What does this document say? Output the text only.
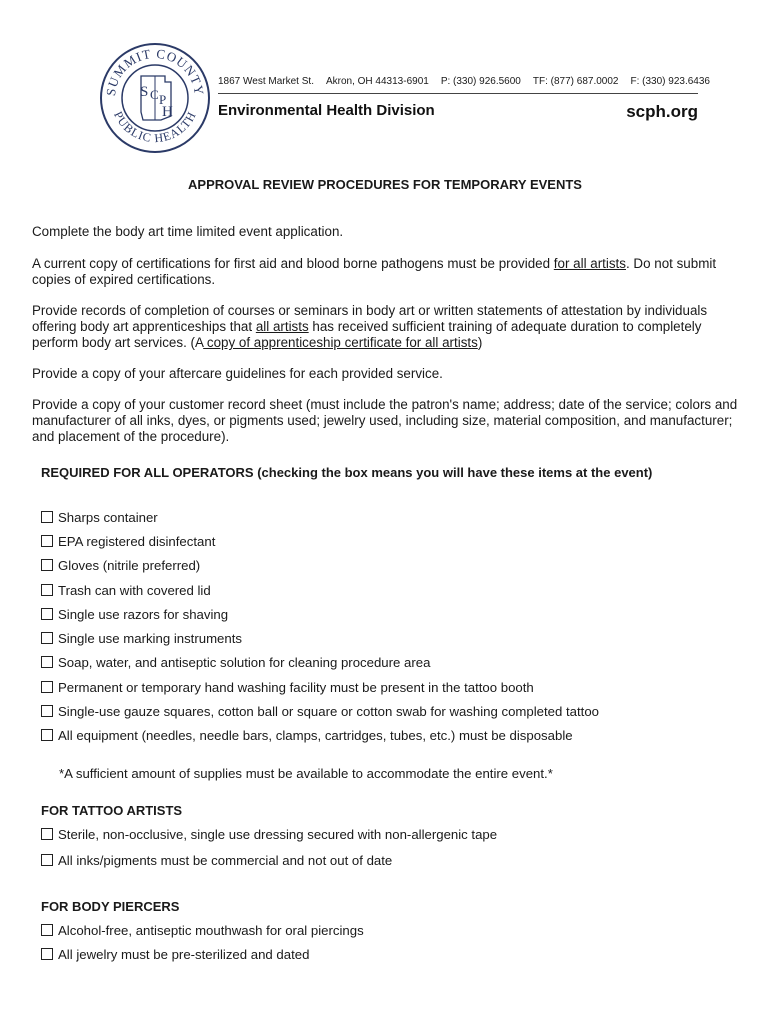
SUMMIT COUNTY
PUBLIC HEALTH
S C P
H
1867 West Market St. Akron, OH 44313-6901 P: (330) 926.5600 TF: (877) 687.0002 F: (330) 923.6436
Environmental Health Division	scph.org
APPROVAL REVIEW PROCEDURES FOR TEMPORARY EVENTS
Complete the body art time limited event application.
A current copy of certifications for first aid and blood borne pathogens must be provided for all artists. Do not submit copies of expired certifications.
Provide records of completion of courses or seminars in body art or written statements of attestation by individuals offering body art apprenticeships that all artists has received sufficient training of adequate duration to completely perform body art services. (A copy of apprenticeship certificate for all artists)
Provide a copy of your aftercare guidelines for each provided service.
Provide a copy of your customer record sheet (must include the patron's name; address; date of the service; colors and manufacturer of all inks, dyes, or pigments used; jewelry used, including size, material composition, and manufacturer; and placement of the procedure).
REQUIRED FOR ALL OPERATORS (checking the box means you will have these items at the event)
Sharps container
EPA registered disinfectant
Gloves (nitrile preferred)
Trash can with covered lid
Single use razors for shaving
Single use marking instruments
Soap, water, and antiseptic solution for cleaning procedure area
Permanent or temporary hand washing facility must be present in the tattoo booth
Single-use gauze squares, cotton ball or square or cotton swab for washing completed tattoo
All equipment (needles, needle bars, clamps, cartridges, tubes, etc.) must be disposable
*A sufficient amount of supplies must be available to accommodate the entire event.*
FOR TATTOO ARTISTS
Sterile, non-occlusive, single use dressing secured with non-allergenic tape
All inks/pigments must be commercial and not out of date
FOR BODY PIERCERS
Alcohol-free, antiseptic mouthwash for oral piercings
All jewelry must be pre-sterilized and dated
